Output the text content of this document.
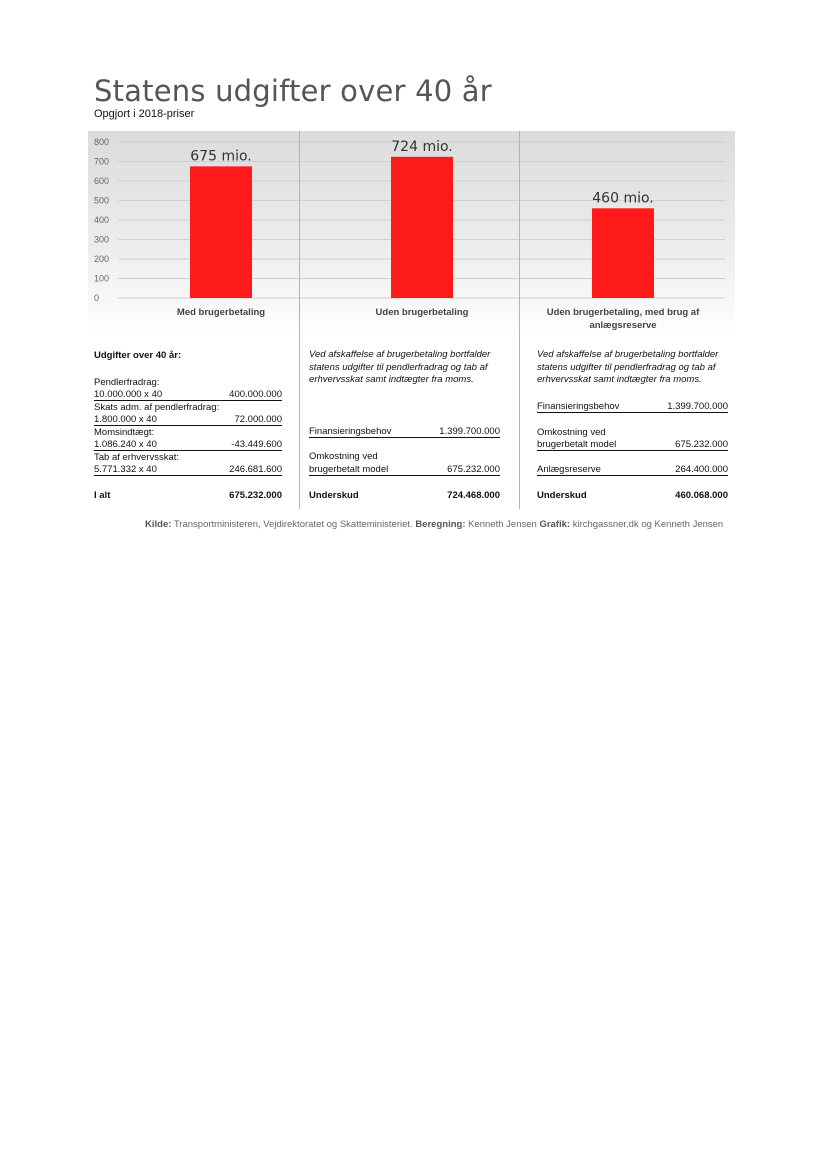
Statens udgifter over 40 år
Opgjort i 2018-priser
0
100
200
300
400
500
600
700
800
675 mio.
Med brugerbetaling
724 mio.
Uden brugerbetaling
460 mio.
Uden brugerbetaling, med brug af
anlægsreserve
Udgifter over 40 år:
Pendlerfradrag:
10.000.000 x 40	400.000.000
Skats adm. af pendlerfradrag:
1.800.000 x 40	72.000.000
Momsindtægt:
1.086.240 x 40	-43.449.600
Tab af erhvervsskat:
5.771.332 x 40	246.681.600
I alt	675.232.000
Ved afskaffelse af brugerbetaling bortfalder statens udgifter til pendlerfradrag og tab af erhvervsskat samt indtægter fra moms.
Finansieringsbehov	1.399.700.000
Omkostning ved
brugerbetalt model	675.232.000
Underskud	724.468.000
Ved afskaffelse af brugerbetaling bortfalder statens udgifter til pendlerfradrag og tab af erhvervsskat samt indtægter fra moms.
Finansieringsbehov	1.399.700.000
Omkostning ved
brugerbetalt model	675.232.000
Anlægsreserve	264.400.000
Underskud	460.068.000
Kilde: Transportministeren, Vejdirektoratet og Skatteministeriet. Beregning: Kenneth Jensen Grafik: kirchgassner.dk og Kenneth Jensen
